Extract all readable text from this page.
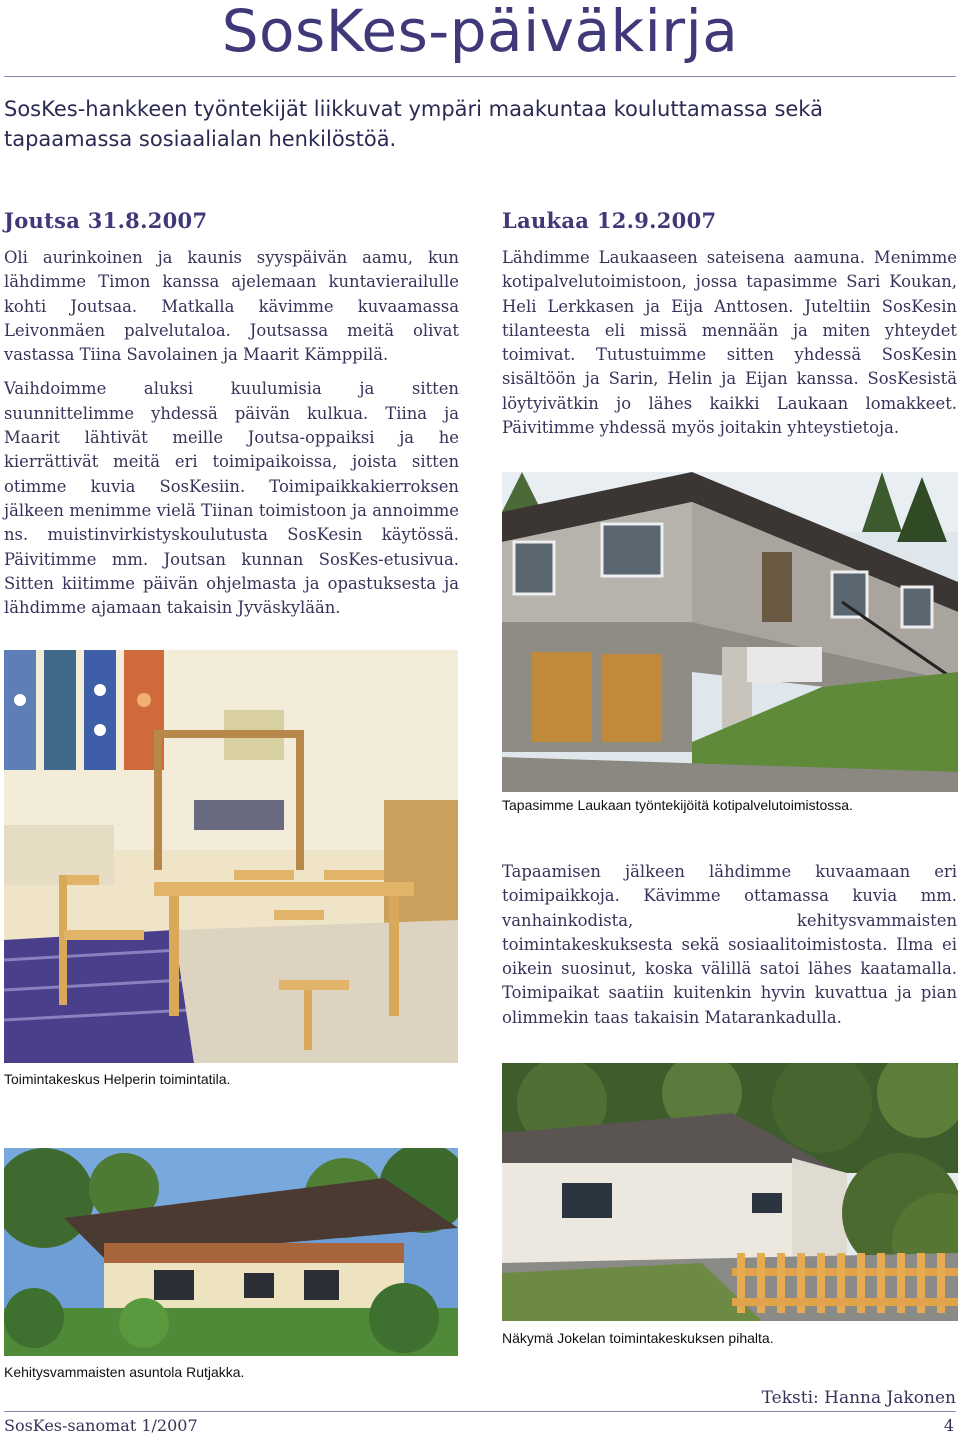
SosKes-päiväkirja

SosKes-hankkeen työntekijät liikkuvat ympäri maakuntaa kouluttamassa sekä tapaamassa sosiaalialan henkilöstöä.

Joutsa 31.8.2007

Oli aurinkoinen ja kaunis syyspäivän aamu, kun lähdimme Timon kanssa ajelemaan kuntavierailulle kohti Joutsaa. Matkalla kävimme kuvaamassa Leivonmäen palvelutaloa. Joutsassa meitä olivat vastassa Tiina Savolainen ja Maarit Kämppilä.

Vaihdoimme aluksi kuulumisia ja sitten suunnittelimme yhdessä päivän kulkua. Tiina ja Maarit lähtivät meille Joutsa-oppaiksi ja he kierrättivät meitä eri toimipaikoissa, joista sitten otimme kuvia SosKesiin. Toimipaikkakierroksen jälkeen menimme vielä Tiinan toimistoon ja annoimme ns. muistinvirkistyskoulutusta SosKesin käytössä. Päivitimme mm. Joutsan kunnan SosKes-etusivua. Sitten kiitimme päivän ohjelmasta ja opastuksesta ja lähdimme ajamaan takaisin Jyväskylään.

Laukaa 12.9.2007

Lähdimme Laukaaseen sateisena aamuna. Menimme kotipalvelutoimistoon, jossa tapasimme Sari Koukan, Heli Lerkkasen ja Eija Anttosen. Juteltiin SosKesin tilanteesta eli missä mennään ja miten yhteydet toimivat. Tutustuimme sitten yhdessä SosKesin sisältöön ja Sarin, Helin ja Eijan kanssa. SosKesistä löytyivätkin jo lähes kaikki Laukaan lomakkeet. Päivitimme yhdessä myös joitakin yhteystietoja.

Tapasimme Laukaan työntekijöitä kotipalvelutoimistossa.
Toimintakeskus Helperin toimintatila.

Tapaamisen jälkeen lähdimme kuvaamaan eri toimipaikkoja. Kävimme ottamassa kuvia mm. vanhainkodista, kehitysvammaisten toimintakeskuksesta sekä sosiaalitoimistosta. Ilma ei oikein suosinut, koska välillä satoi lähes kaatamalla. Toimipaikat saatiin kuitenkin hyvin kuvattua ja pian olimmekin taas takaisin Matarankadulla.

Näkymä Jokelan toimintakeskuksen pihalta.
Kehitysvammaisten asuntola Rutjakka.
Teksti: Hanna Jakonen
SosKes-sanomat 1/2007	4
